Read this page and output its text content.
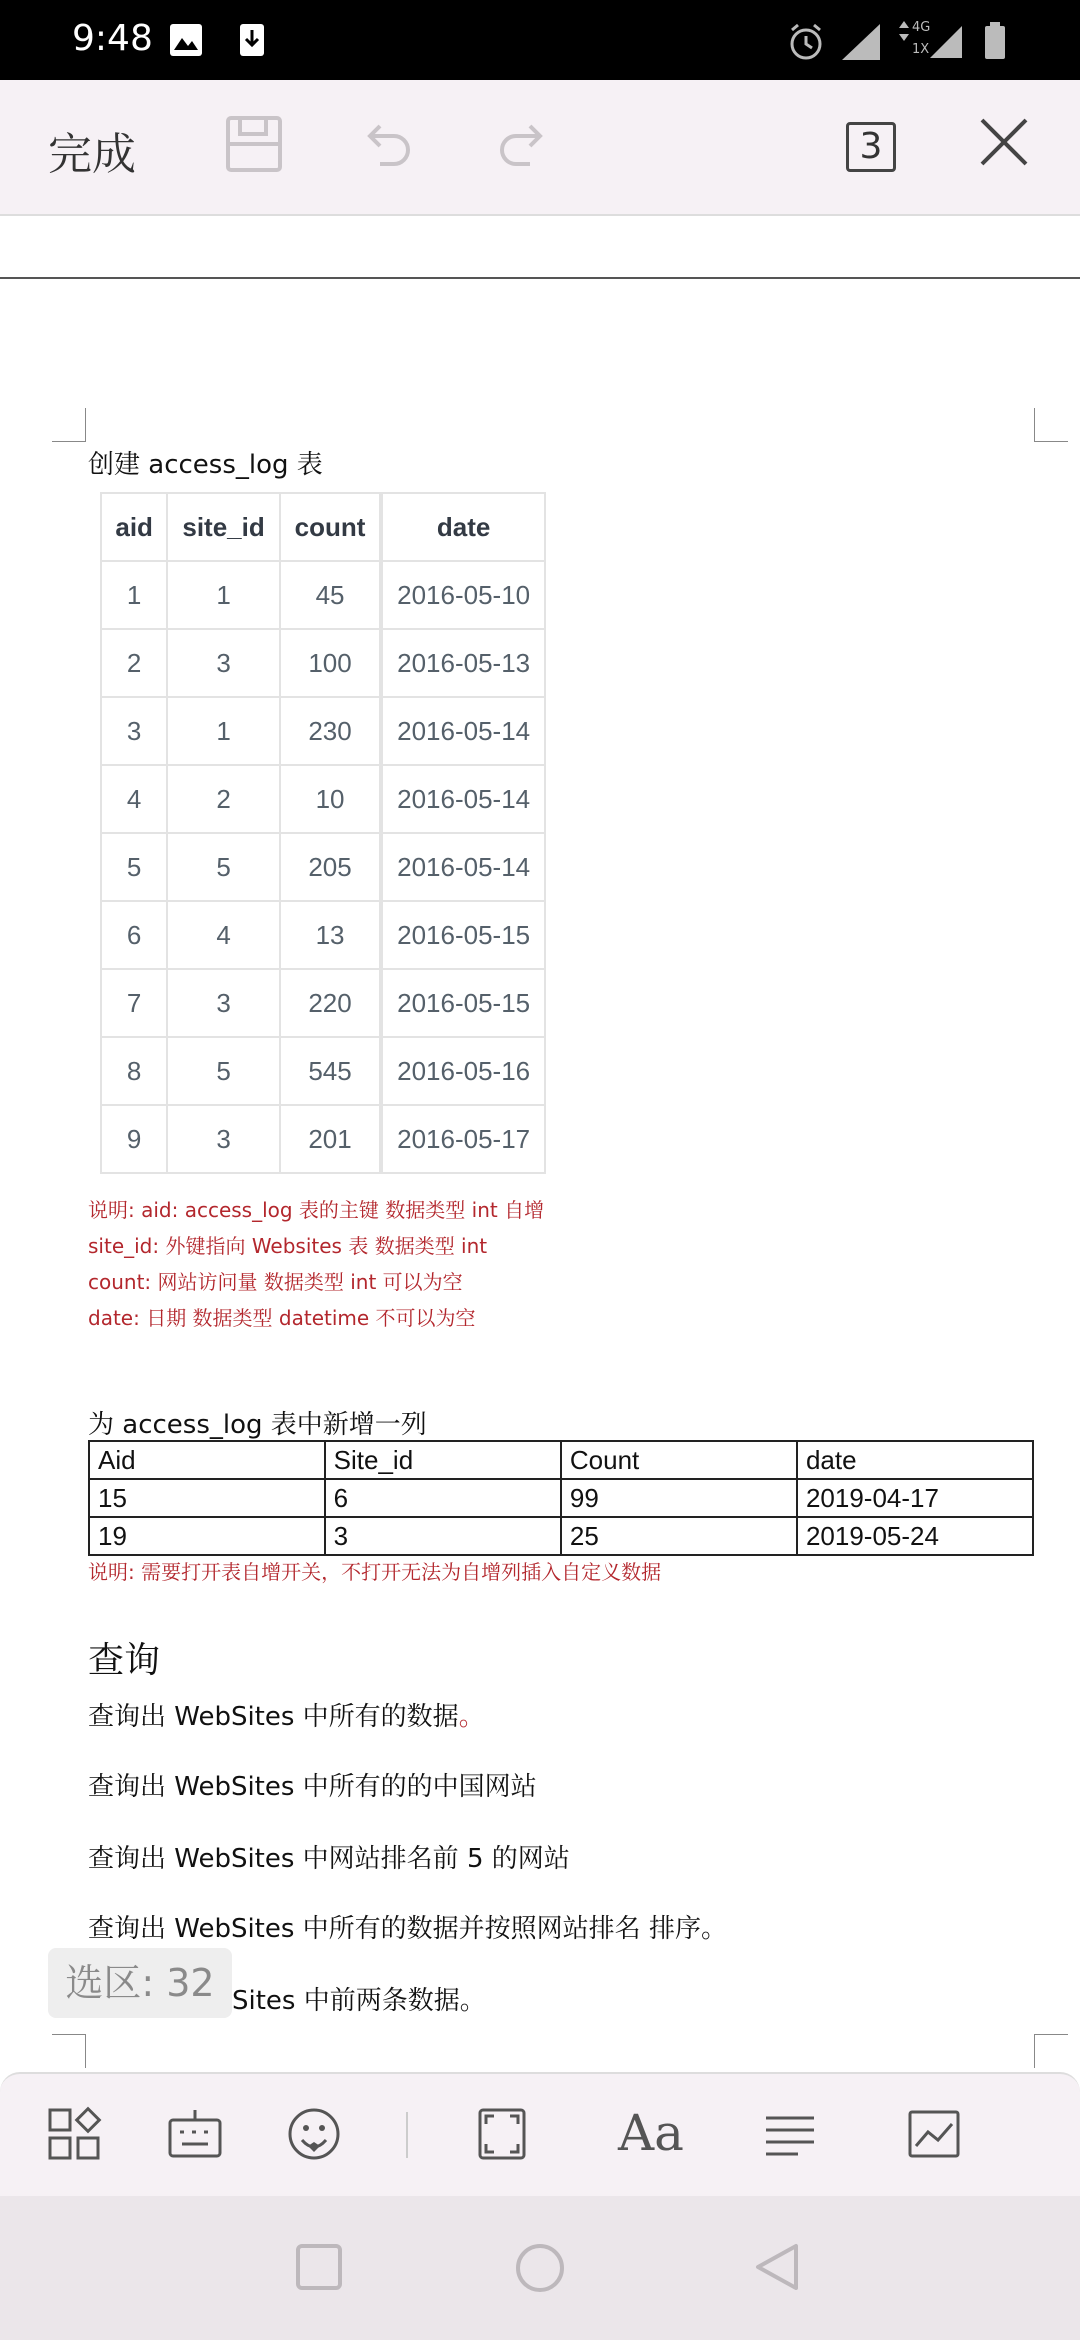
9:48	4G
1X
完成	3
创建 access_log 表
aid	site_id	count	date
1	1	45	2016-05-10
2	3	100	2016-05-13
3	1	230	2016-05-14
4	2	10	2016-05-14
5	5	205	2016-05-14
6	4	13	2016-05-15
7	3	220	2016-05-15
8	5	545	2016-05-16
9	3	201	2016-05-17
说明: aid: access_log 表的主键 数据类型 int 自增
site_id: 外键指向 Websites 表 数据类型 int
count: 网站访问量 数据类型 int 可以为空
date: 日期 数据类型 datetime 不可以为空
为 access_log 表中新增一列
Aid	Site_id	Count	date
15	6	99	2019-04-17
19	3	25	2019-05-24
说明: 需要打开表自增开关，不打开无法为自增列插入自定义数据
查询
查询出 WebSites 中所有的数据。
查询出 WebSites 中所有的的中国网站
查询出 WebSites 中网站排名前 5 的网站
查询出 WebSites 中所有的数据并按照网站排名 排序。
Sites 中前两条数据。
选区: 32
Aa
